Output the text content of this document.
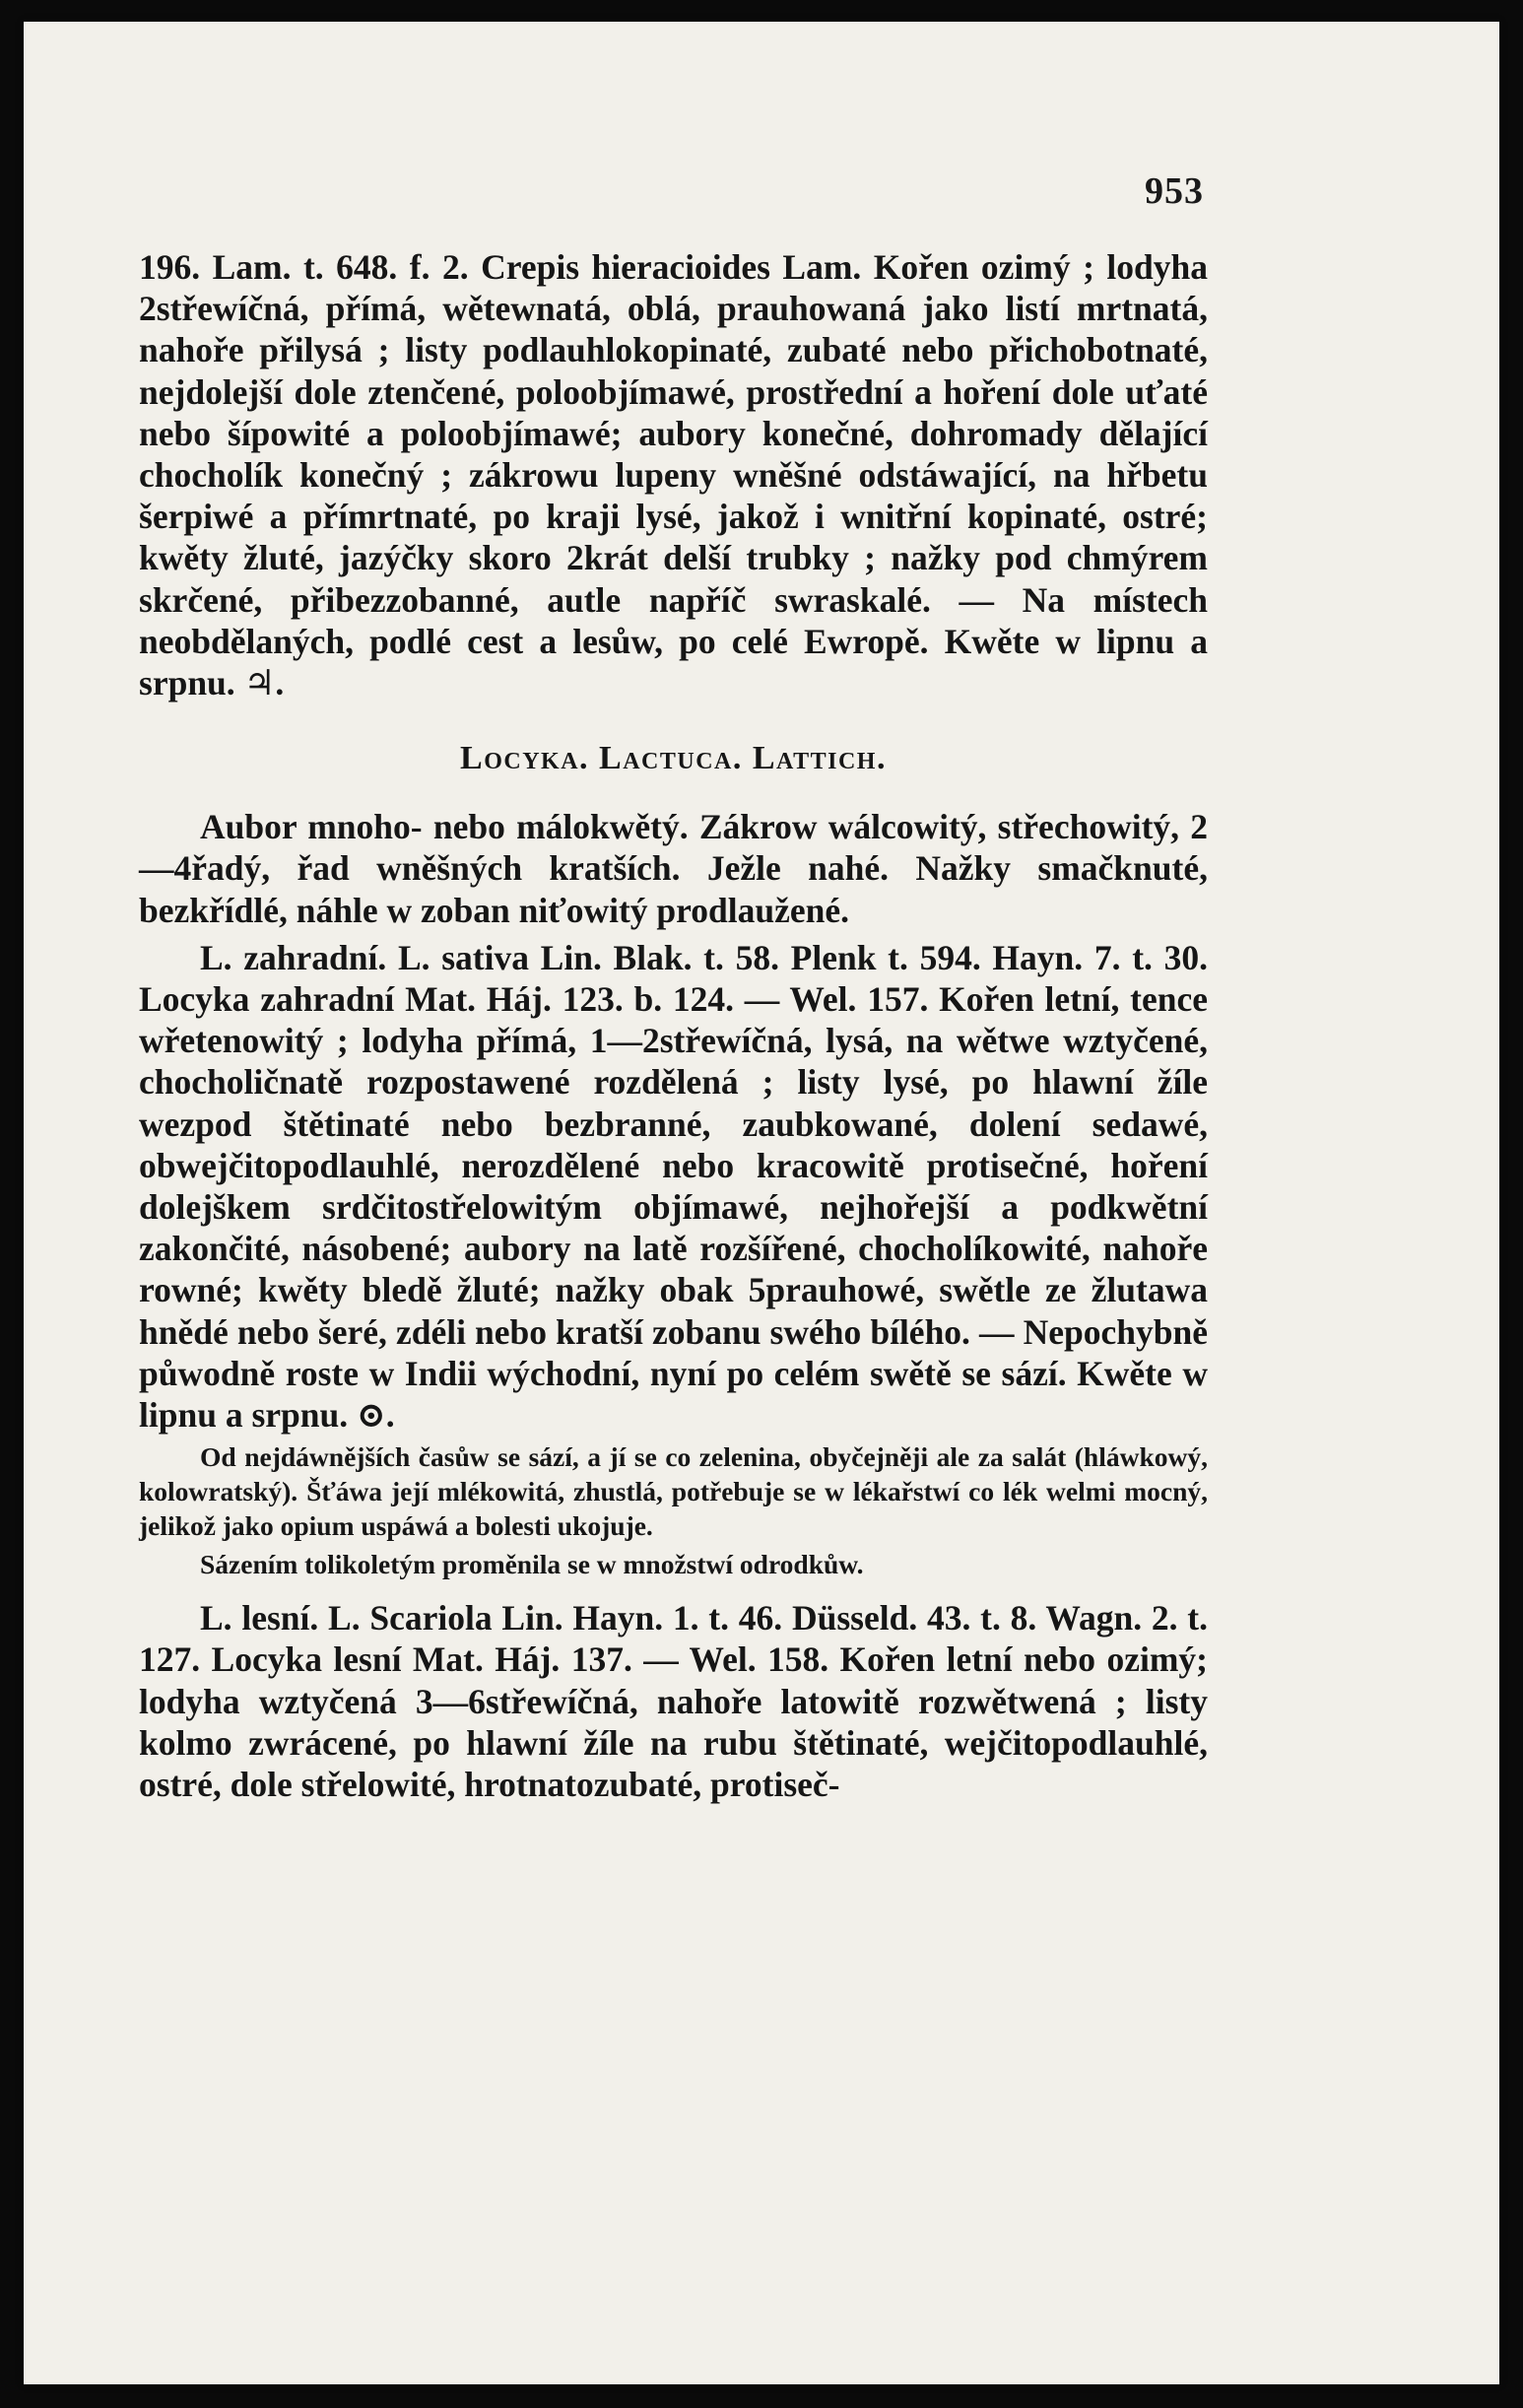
953

196. Lam. t. 648. f. 2. Crepis hieracioides Lam. Kořen ozimý ; lodyha 2střewíčná, přímá, wětewnatá, oblá, prauhowaná jako listí mrtnatá, nahoře přilysá ; listy podlauhlokopinaté, zubaté nebo přichobotnaté, nejdolejší dole ztenčené, poloobjímawé, prostřední a hoření dole uťaté nebo šípowité a poloobjímawé; aubory konečné, dohromady dělající chocholík konečný ; zákrowu lupeny wněšné odstáwající, na hřbetu šerpiwé a přímrtnaté, po kraji lysé, jakož i wnitřní kopinaté, ostré; kwěty žluté, jazýčky skoro 2krát delší trubky ; nažky pod chmýrem skrčené, přibezzobanné, autle napříč swraskalé. — Na místech neobdělaných, podlé cest a lesůw, po celé Ewropě. Kwěte w lipnu a srpnu. ♃.

Locyka. Lactuca. Lattich.

Aubor mnoho- nebo málokwětý. Zákrow wálcowitý, střechowitý, 2—4řadý, řad wněšných kratších. Ježle nahé. Nažky smačknuté, bezkřídlé, náhle w zoban niťowitý prodlaužené.

L. zahradní. L. sativa Lin. Blak. t. 58. Plenk t. 594. Hayn. 7. t. 30. Locyka zahradní Mat. Háj. 123. b. 124. — Wel. 157. Kořen letní, tence wřetenowitý ; lodyha přímá, 1—2střewíčná, lysá, na wětwe wztyčené, chocholičnatě rozpostawené rozdělená ; listy lysé, po hlawní žíle wezpod štětinaté nebo bezbranné, zaubkowané, dolení sedawé, obwejčitopodlauhlé, nerozdělené nebo kracowitě protisečné, hoření dolejškem srdčitostřelowitým objímawé, nejhořejší a podkwětní zakončité, násobené; aubory na latě rozšířené, chocholíkowité, nahoře rowné; kwěty bledě žluté; nažky obak 5prauhowé, swětle ze žlutawa hnědé nebo šeré, zdéli nebo kratší zobanu swého bílého. — Nepochybně půwodně roste w Indii wýchodní, nyní po celém swětě se sází. Kwěte w lipnu a srpnu. ⊙.

Od nejdáwnějších časůw se sází, a jí se co zelenina, obyčejněji ale za salát (hláwkowý, kolowratský). Šťáwa její mlékowitá, zhustlá, potřebuje se w lékařstwí co lék welmi mocný, jelikož jako opium uspáwá a bolesti ukojuje.

Sázením tolikoletým proměnila se w množstwí odrodkůw.

L. lesní. L. Scariola Lin. Hayn. 1. t. 46. Düsseld. 43. t. 8. Wagn. 2. t. 127. Locyka lesní Mat. Háj. 137. — Wel. 158. Kořen letní nebo ozimý; lodyha wztyčená 3—6střewíčná, nahoře latowitě rozwětwená ; listy kolmo zwrácené, po hlawní žíle na rubu štětinaté, wejčitopodlauhlé, ostré, dole střelowité, hrotnatozubaté, protiseč-
